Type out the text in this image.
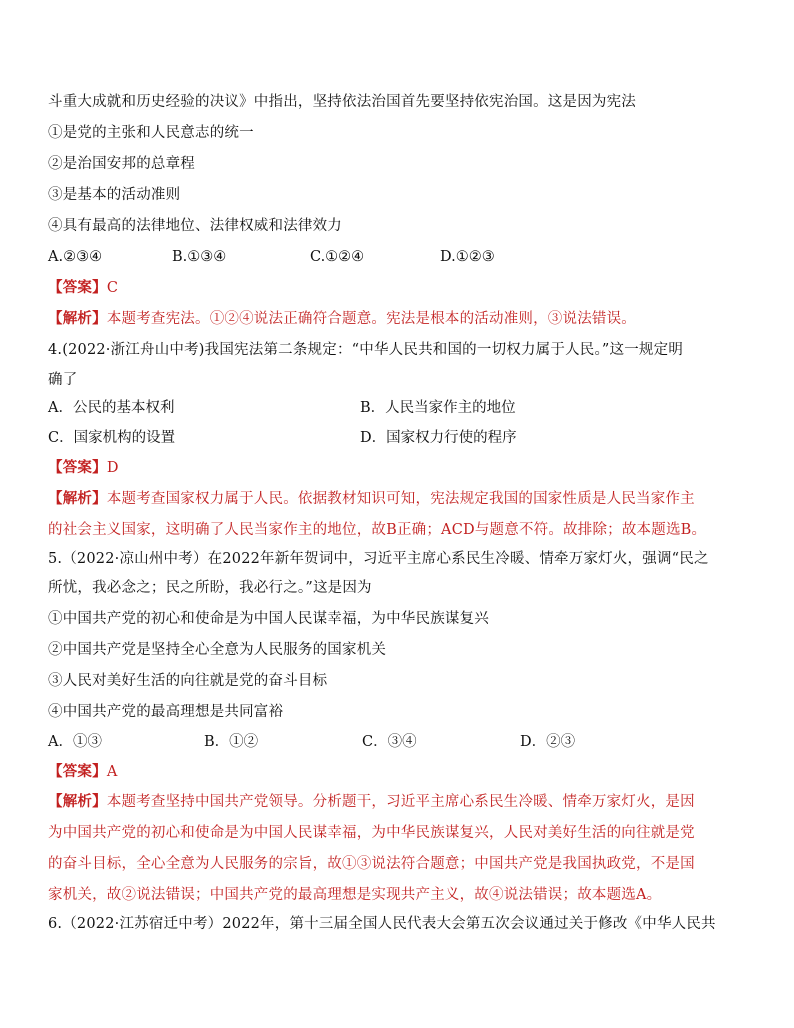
斗重大成就和历史经验的决议》中指出，坚持依法治国首先要坚持依宪治国。这是因为宪法
①是党的主张和人民意志的统一
②是治国安邦的总章程
③是基本的活动准则
④具有最高的法律地位、法律权威和法律效力
A.②③④	B.①③④	C.①②④	D.①②③
【答案】C
【解析】本题考查宪法。①②④说法正确符合题意。宪法是根本的活动准则，③说法错误。
4.(2022·浙江舟山中考)我国宪法第二条规定：“中华人民共和国的一切权力属于人民。”这一规定明
确了
A．公民的基本权利	B．人民当家作主的地位
C．国家机构的设置	D．国家权力行使的程序
【答案】D
【解析】本题考查国家权力属于人民。依据教材知识可知，宪法规定我国的国家性质是人民当家作主
的社会主义国家，这明确了人民当家作主的地位，故B正确；ACD与题意不符。故排除；故本题选B。
5.（2022·凉山州中考）在2022年新年贺词中，习近平主席心系民生冷暖、情牵万家灯火，强调“民之
所忧，我必念之；民之所盼，我必行之。”这是因为
①中国共产党的初心和使命是为中国人民谋幸福，为中华民族谋复兴
②中国共产党是坚持全心全意为人民服务的国家机关
③人民对美好生活的向往就是党的奋斗目标
④中国共产党的最高理想是共同富裕
A．①③	B．①②	C．③④	D．②③
【答案】A
【解析】本题考查坚持中国共产党领导。分析题干，习近平主席心系民生冷暖、情牵万家灯火，是因
为中国共产党的初心和使命是为中国人民谋幸福，为中华民族谋复兴，人民对美好生活的向往就是党
的奋斗目标，全心全意为人民服务的宗旨，故①③说法符合题意；中国共产党是我国执政党，不是国
家机关，故②说法错误；中国共产党的最高理想是实现共产主义，故④说法错误；故本题选A。
6.（2022·江苏宿迁中考）2022年，第十三届全国人民代表大会第五次会议通过关于修改《中华人民共
